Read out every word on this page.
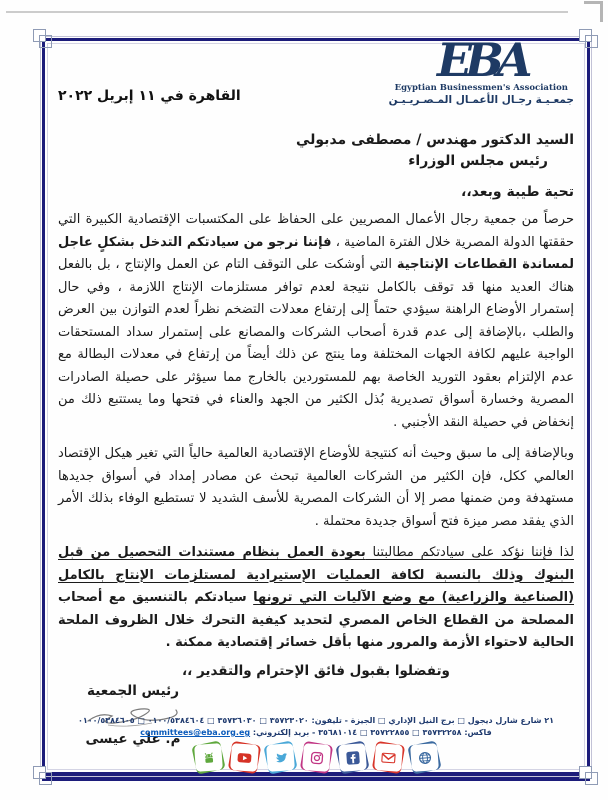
EBA
Egyptian Businessmen's Association
جمعـيـة رجـال الأعمـال المـصـريـيـن
القاهرة في ١١ إبريل ٢٠٢٢
السيد الدكتور مهندس / مصطفى مدبولي
رئيس مجلس الوزراء
تحية طيبة وبعد،،

حرصاً من جمعية رجال الأعمال المصريين على الحفاظ على المكتسبات الإقتصادية الكبيرة التي حققتها الدولة المصرية خلال الفترة الماضية ، فإننا نرجو من سيادتكم التدخل بشكلٍ عاجل لمساندة القطاعات الإنتاجية التي أوشكت على التوقف التام عن العمل والإنتاج ، بل بالفعل هناك العديد منها قد توقف بالكامل نتيجة لعدم توافر مستلزمات الإنتاج اللازمة ، وفي حال إستمرار الأوضاع الراهنة سيؤدي حتماً إلى إرتفاع معدلات التضخم نظراً لعدم التوازن بين العرض والطلب ،بالإضافة إلى عدم قدرة أصحاب الشركات والمصانع على إستمرار سداد المستحقات الواجبة عليهم لكافة الجهات المختلفة وما ينتج عن ذلك أيضاً من إرتفاع في معدلات البطالة مع عدم الإلتزام بعقود التوريد الخاصة بهم للمستوردين بالخارج مما سيؤثر على حصيلة الصادرات المصرية وخسارة أسواق تصديرية بُذل الكثير من الجهد والعناء في فتحها وما يستتبع ذلك من إنخفاض في حصيلة النقد الأجنبي .

وبالإضافة إلى ما سبق وحيث أنه كنتيجة للأوضاع الإقتصادية العالمية حالياً التي تغير هيكل الإقتصاد العالمي ككل، فإن الكثير من الشركات العالمية تبحث عن مصادر إمداد في أسواق جديدها مستهدفة ومن ضمنها مصر إلا أن الشركات المصرية للأسف الشديد لا تستطيع الوفاء بذلك الأمر الذي يفقد مصر ميزة فتح أسواق جديدة محتملة .

لذا فإننا نؤكد على سيادتكم مطالبتنا بعودة العمل بنظام مستندات التحصيل من قبل البنوك وذلك بالنسبة لكافة العمليات الإستيرادية لمستلزمات الإنتاج بالكامل (الصناعية والزراعية) مع وضع الآليات التي ترونها سيادتكم بالتنسيق مع أصحاب المصلحة من القطاع الخاص المصري لتحديد كيفية التحرك خلال الظروف الملحة الحالية لاحتواء الأزمة والمرور منها بأقل خسائر إقتصادية ممكنة .

وتفضلوا بقبول فائق الإحترام والتقدير ،،
رئيس الجمعية
م. علي عيسى
٢١ شارع شارل ديجول □ برج النيل الإداري □ الجيزة - تليفون: ٣٥٧٢٣٠٢٠ □ ٣٥٧٣٦٠٣٠ □ ٠١٠٠/٥٣٨٤٦٠٤ □ ٠١٠٠/٥٣٨٤٦٠٥
فاكس: ٣٥٧٣٢٢٥٨ □ ٣٥٧٢٢٨٥٥ □ ٣٥٦٨١٠١٤ - بريد إلكتروني: committees@eba.org.eg
